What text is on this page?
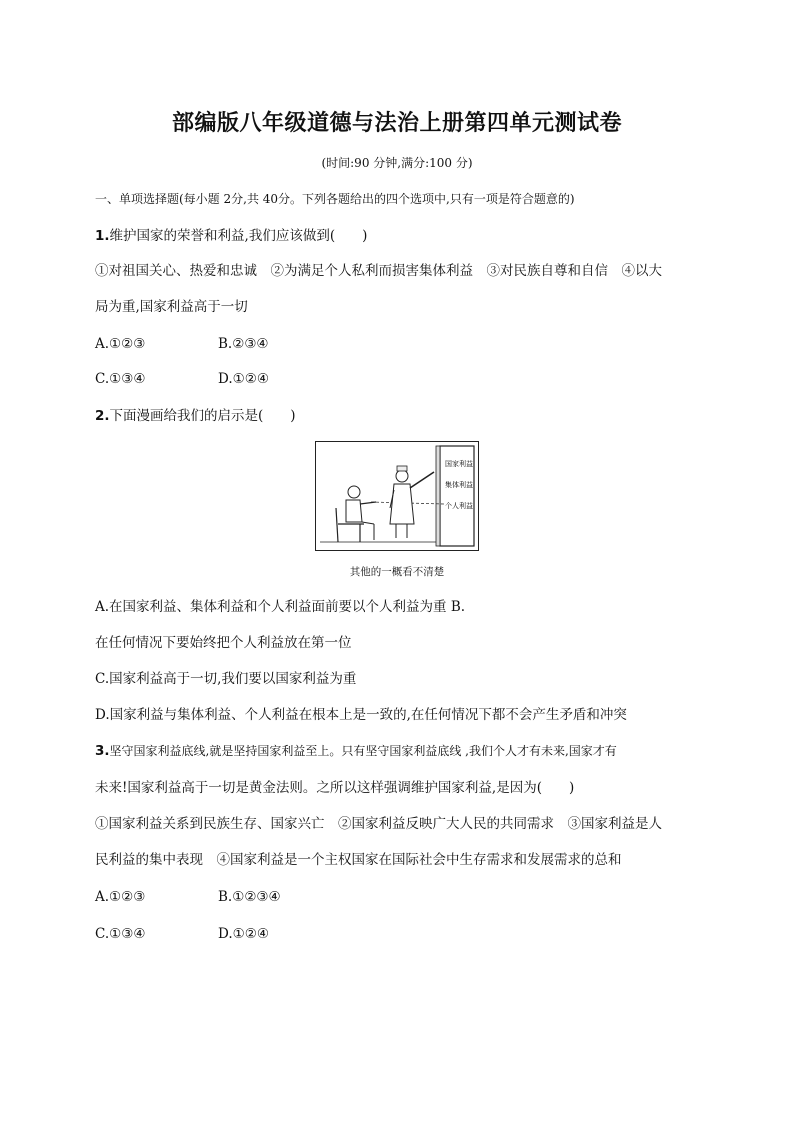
部编版八年级道德与法治上册第四单元测试卷
(时间:90 分钟,满分:100 分)
一、单项选择题(每小题 2分,共 40分。下列各题给出的四个选项中,只有一项是符合题意的)
1.维护国家的荣誉和利益,我们应该做到(　　)
①对祖国关心、热爱和忠诚　②为满足个人私利而损害集体利益　③对民族自尊和自信　④以大
局为重,国家利益高于一切
A.①②③	B.②③④
C.①③④	D.①②④
2.下面漫画给我们的启示是(　　)
国家利益
集体利益
个人利益
其他的一概看不清楚
A.在国家利益、集体利益和个人利益面前要以个人利益为重 B.
在任何情况下要始终把个人利益放在第一位
C.国家利益高于一切,我们要以国家利益为重
D.国家利益与集体利益、个人利益在根本上是一致的,在任何情况下都不会产生矛盾和冲突
3.坚守国家利益底线,就是坚持国家利益至上。只有坚守国家利益底线 ,我们个人才有未来,国家才有
未来!国家利益高于一切是黄金法则。之所以这样强调维护国家利益,是因为(　　)
①国家利益关系到民族生存、国家兴亡　②国家利益反映广大人民的共同需求　③国家利益是人
民利益的集中表现　④国家利益是一个主权国家在国际社会中生存需求和发展需求的总和
A.①②③	B.①②③④
C.①③④	D.①②④
